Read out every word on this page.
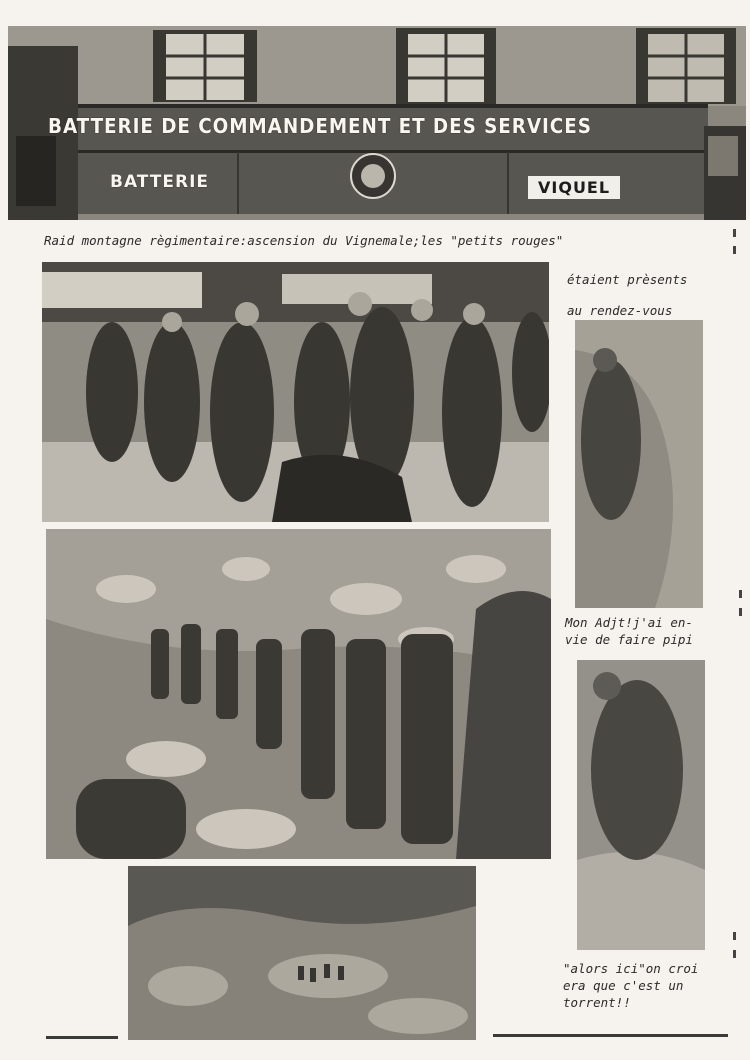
BATTERIE DE COMMANDEMENT ET DES SERVICES
BATTERIE	VIQUEL
Raid montagne règimentaire:ascension du Vignemale;les "petits rouges"
étaient prèsents
au rendez-vous
Mon Adjt!j'ai en-
vie de faire pipi
"alors ici"on croi
era que c'est un
torrent!!
